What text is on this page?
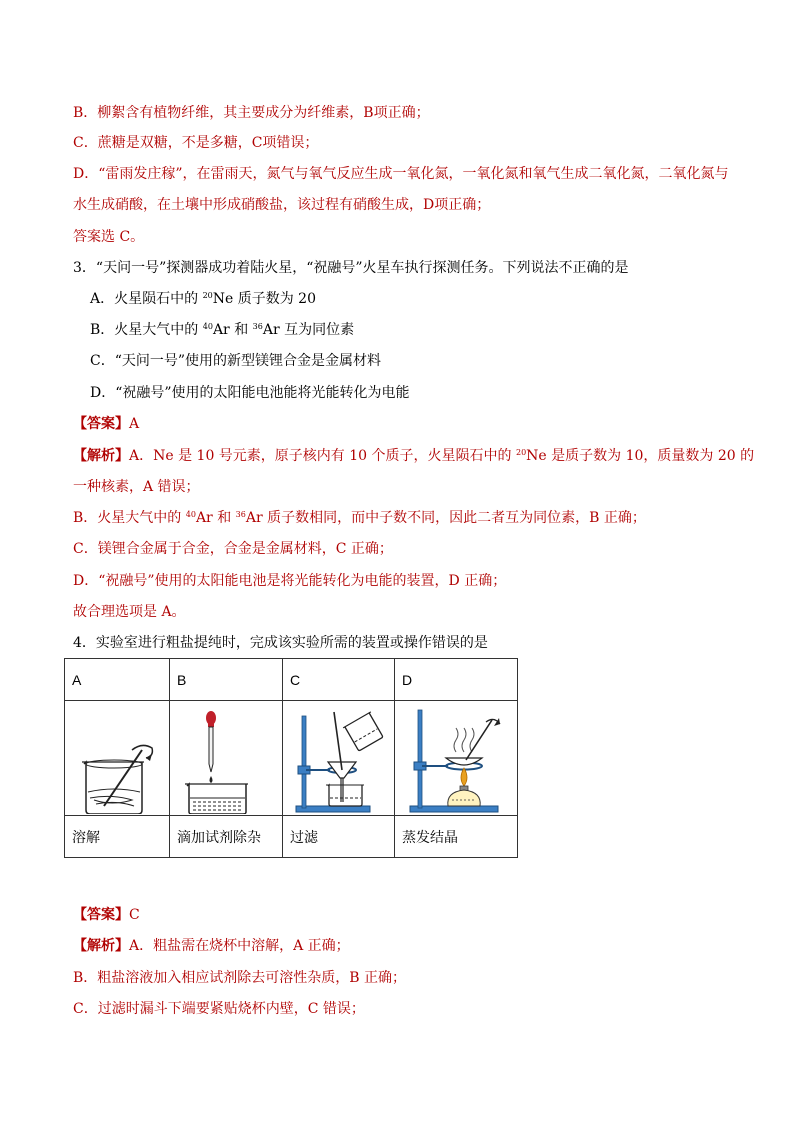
B．柳絮含有植物纤维，其主要成分为纤维素，B项正确；
C．蔗糖是双糖，不是多糖，C项错误；
D．“雷雨发庄稼”，在雷雨天，氮气与氧气反应生成一氧化氮，一氧化氮和氧气生成二氧化氮，二氧化氮与
水生成硝酸，在土壤中形成硝酸盐，该过程有硝酸生成，D项正确；
答案选 C。
3．“天问一号”探测器成功着陆火星，“祝融号”火星车执行探测任务。下列说法不正确的是
A．火星陨石中的 $^{20}$Ne 质子数为 20
B．火星大气中的 $^{40}$Ar 和 $^{36}$Ar 互为同位素
C．“天问一号”使用的新型镁锂合金是金属材料
D．“祝融号”使用的太阳能电池能将光能转化为电能
【答案】A
【解析】A．Ne 是 10 号元素，原子核内有 10 个质子，火星陨石中的 $^{20}$Ne 是质子数为 10，质量数为 20 的
一种核素，A 错误；
B．火星大气中的 $^{40}$Ar 和 $^{36}$Ar 质子数相同，而中子数不同，因此二者互为同位素，B 正确；
C．镁锂合金属于合金，合金是金属材料，C 正确；
D．“祝融号”使用的太阳能电池是将光能转化为电能的装置，D 正确；
故合理选项是 A。
4．实验室进行粗盐提纯时，完成该实验所需的装置或操作错误的是
A	B	C	D

溶解	滴加试剂除杂	过滤	蒸发结晶
【答案】C
【解析】A．粗盐需在烧杯中溶解，A 正确；
B．粗盐溶液加入相应试剂除去可溶性杂质，B 正确；
C．过滤时漏斗下端要紧贴烧杯内壁，C 错误；
